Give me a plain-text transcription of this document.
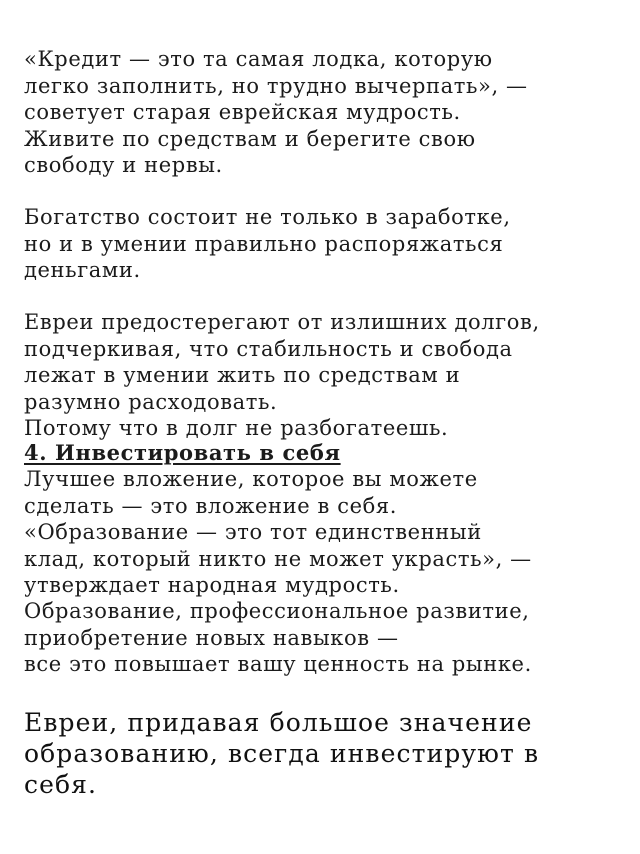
«Кредит — это та самая лодка, которую
легко заполнить, но трудно вычерпать», —
советует старая еврейская мудрость.
Живите по средствам и берегите свою
свободу и нервы.

Богатство состоит не только в заработке,
но и в умении правильно распоряжаться
деньгами.

Евреи предостерегают от излишних долгов,
подчеркивая, что стабильность и свобода
лежат в умении жить по средствам и
разумно расходовать.
Потому что в долг не разбогатеешь.

4. Инвестировать в себя

Лучшее вложение, которое вы можете
сделать — это вложение в себя.
«Образование — это тот единственный
клад, который никто не может украсть», —
утверждает народная мудрость.

Образование, профессиональное развитие,
приобретение новых навыков —
все это повышает вашу ценность на рынке.

Евреи, придавая большое значение
образованию, всегда инвестируют в
себя.
